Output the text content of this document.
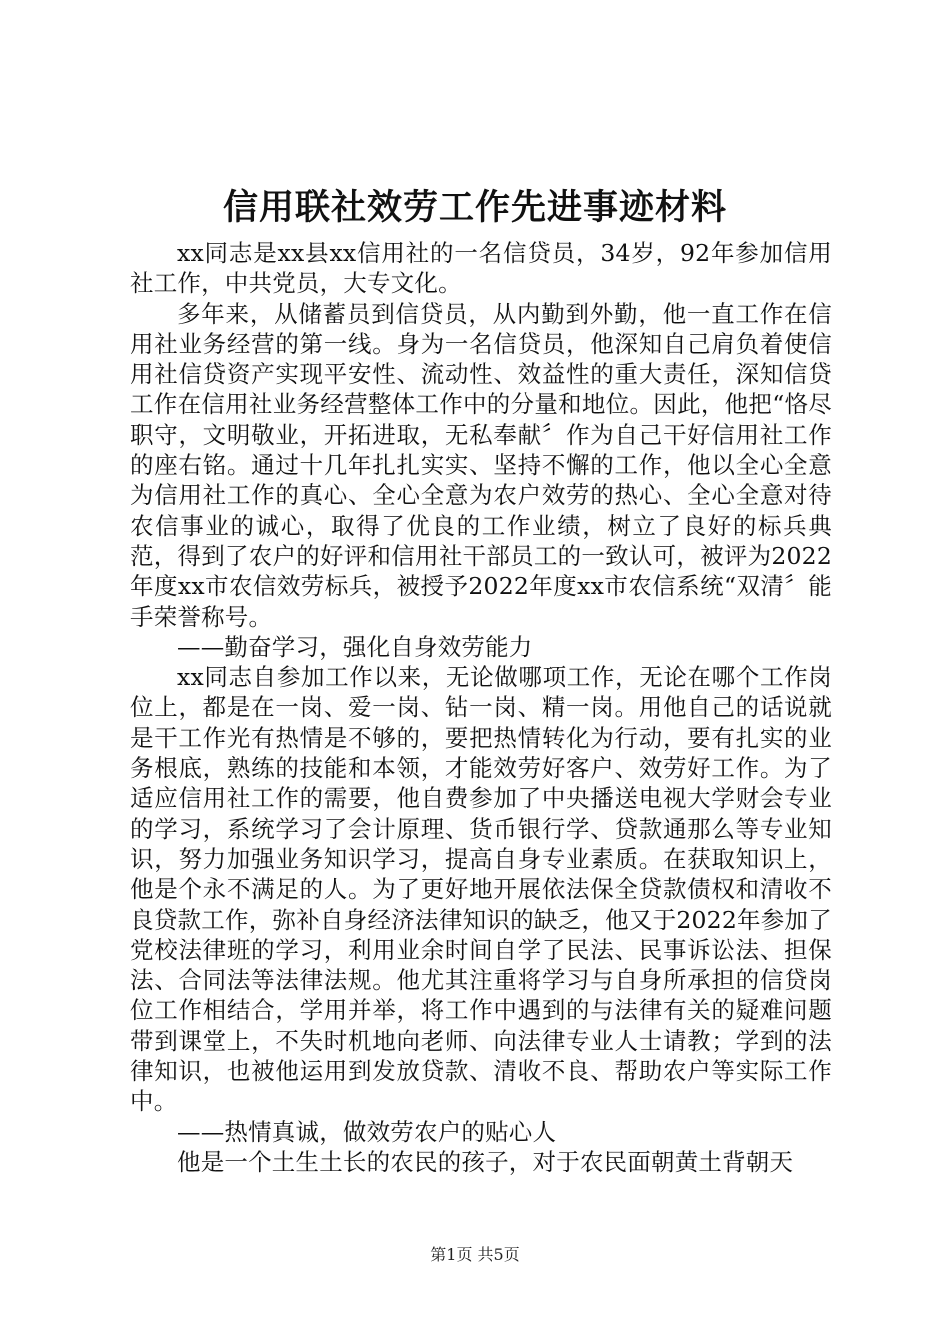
信用联社效劳工作先进事迹材料

xx同志是xx县xx信用社的一名信贷员，34岁，92年参加信用社工作，中共党员，大专文化。

多年来，从储蓄员到信贷员，从内勤到外勤，他一直工作在信用社业务经营的第一线。身为一名信贷员，他深知自己肩负着使信用社信贷资产实现平安性、流动性、效益性的重大责任，深知信贷工作在信用社业务经营整体工作中的分量和地位。因此，他把“恪尽职守，文明敬业，开拓进取，无私奉献〞作为自己干好信用社工作的座右铭。通过十几年扎扎实实、坚持不懈的工作，他以全心全意为信用社工作的真心、全心全意为农户效劳的热心、全心全意对待农信事业的诚心，取得了优良的工作业绩，树立了良好的标兵典范，得到了农户的好评和信用社干部员工的一致认可，被评为2022年度xx市农信效劳标兵，被授予2022年度xx市农信系统“双清〞能手荣誉称号。

——勤奋学习，强化自身效劳能力

xx同志自参加工作以来，无论做哪项工作，无论在哪个工作岗位上，都是在一岗、爱一岗、钻一岗、精一岗。用他自己的话说就是干工作光有热情是不够的，要把热情转化为行动，要有扎实的业务根底，熟练的技能和本领，才能效劳好客户、效劳好工作。为了适应信用社工作的需要，他自费参加了中央播送电视大学财会专业的学习，系统学习了会计原理、货币银行学、贷款通那么等专业知识，努力加强业务知识学习，提高自身专业素质。在获取知识上，他是个永不满足的人。为了更好地开展依法保全贷款债权和清收不良贷款工作，弥补自身经济法律知识的缺乏，他又于2022年参加了党校法律班的学习，利用业余时间自学了民法、民事诉讼法、担保法、合同法等法律法规。他尤其注重将学习与自身所承担的信贷岗位工作相结合，学用并举，将工作中遇到的与法律有关的疑难问题带到课堂上，不失时机地向老师、向法律专业人士请教；学到的法律知识，也被他运用到发放贷款、清收不良、帮助农户等实际工作中。

——热情真诚，做效劳农户的贴心人

他是一个土生土长的农民的孩子，对于农民面朝黄土背朝天

第1页 共5页
